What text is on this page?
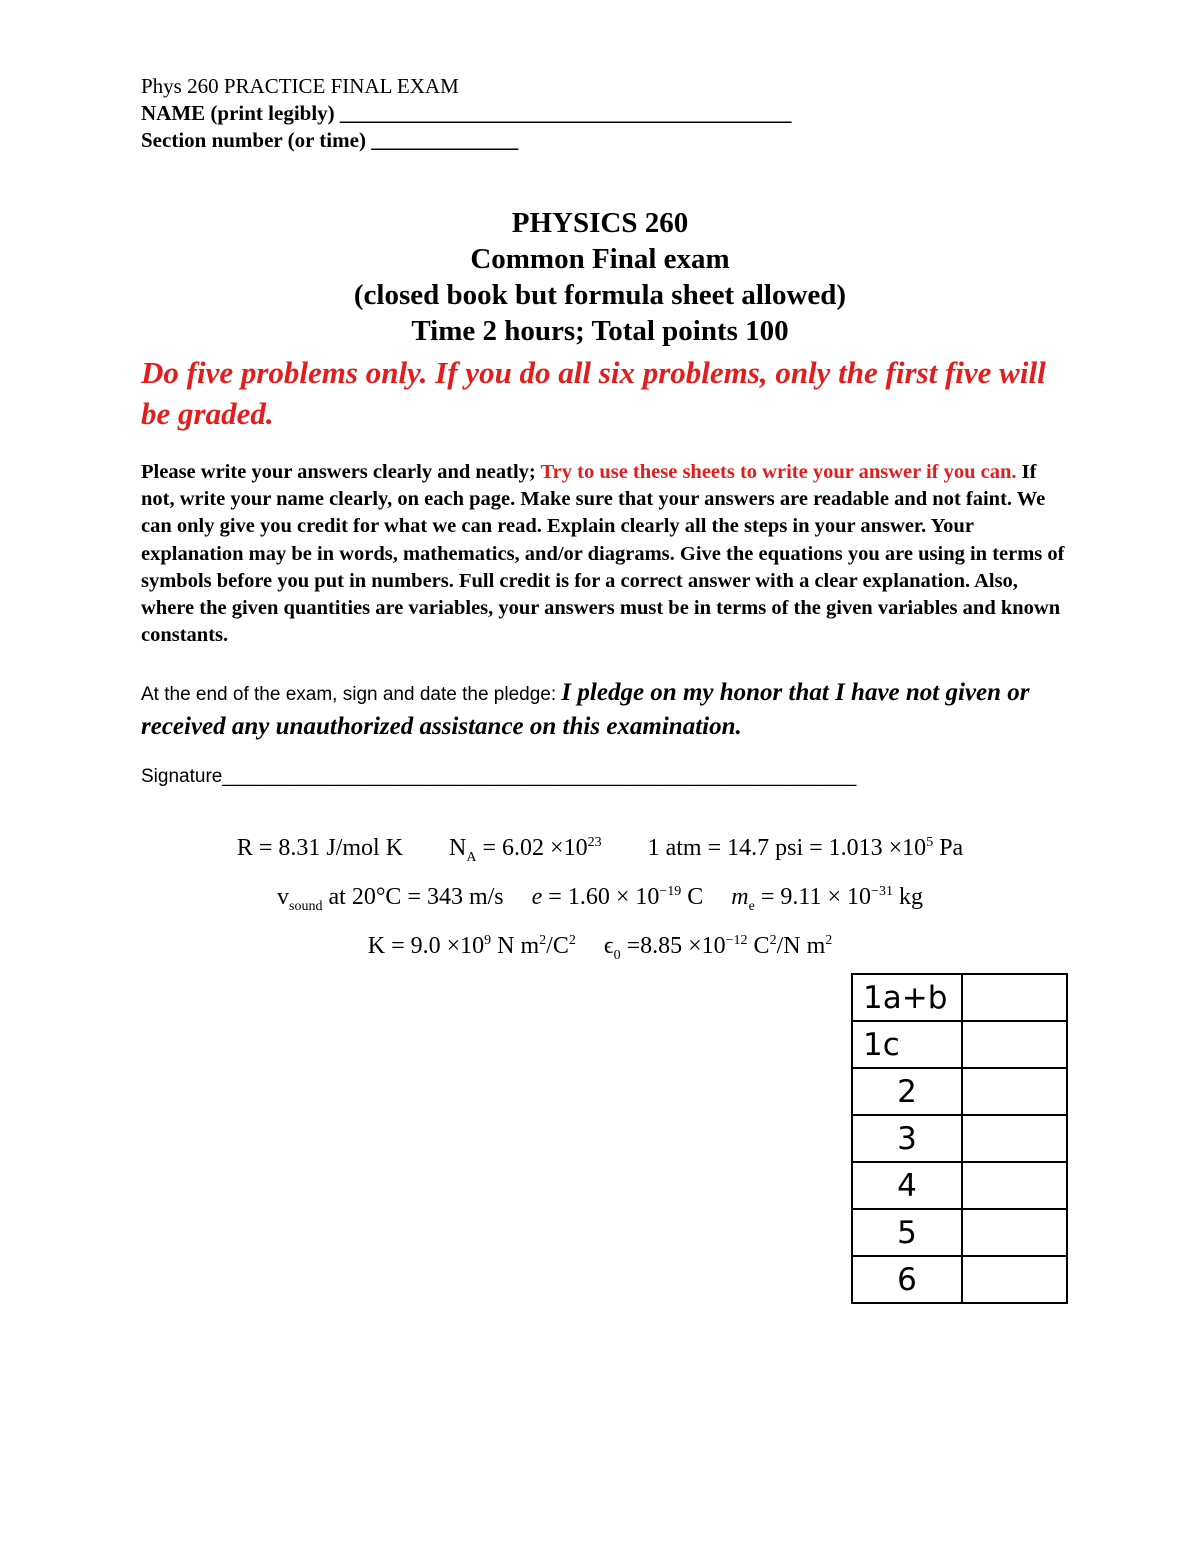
Phys 260 PRACTICE FINAL EXAM
NAME (print legibly) ___________________________________________
Section number (or time) ______________
PHYSICS 260
Common Final exam
(closed book but formula sheet allowed)
Time 2 hours; Total points 100
Do five problems only. If you do all six problems, only the first five will be graded.
Please write your answers clearly and neatly; Try to use these sheets to write your answer if you can. If not, write your name clearly, on each page. Make sure that your answers are readable and not faint. We can only give you credit for what we can read. Explain clearly all the steps in your answer. Your explanation may be in words, mathematics, and/or diagrams. Give the equations you are using in terms of symbols before you put in numbers. Full credit is for a correct answer with a clear explanation. Also, where the given quantities are variables, your answers must be in terms of the given variables and known constants.
At the end of the exam, sign and date the pledge: I pledge on my honor that I have not given or received any unauthorized assistance on this examination.
Signature____________________________________________________________
R = 8.31 J/mol K $N_A = 6.02 \times 10^{23}$ 1 atm = 14.7 psi = $1.013 \times 10^5$ Pa
$v_{sound}$ at 20°C = 343 m/s $e = 1.60 \times 10^{-19}$ C $m_e = 9.11 \times 10^{-31}$ kg
$K = 9.0 \times 10^9$ N $m^2/C^2$ $\epsilon_0 =8.85 \times 10^{-12}$ $C^2/N$ $m^2$
1a+b	
1c	
2	
3	
4	
5	
6	
